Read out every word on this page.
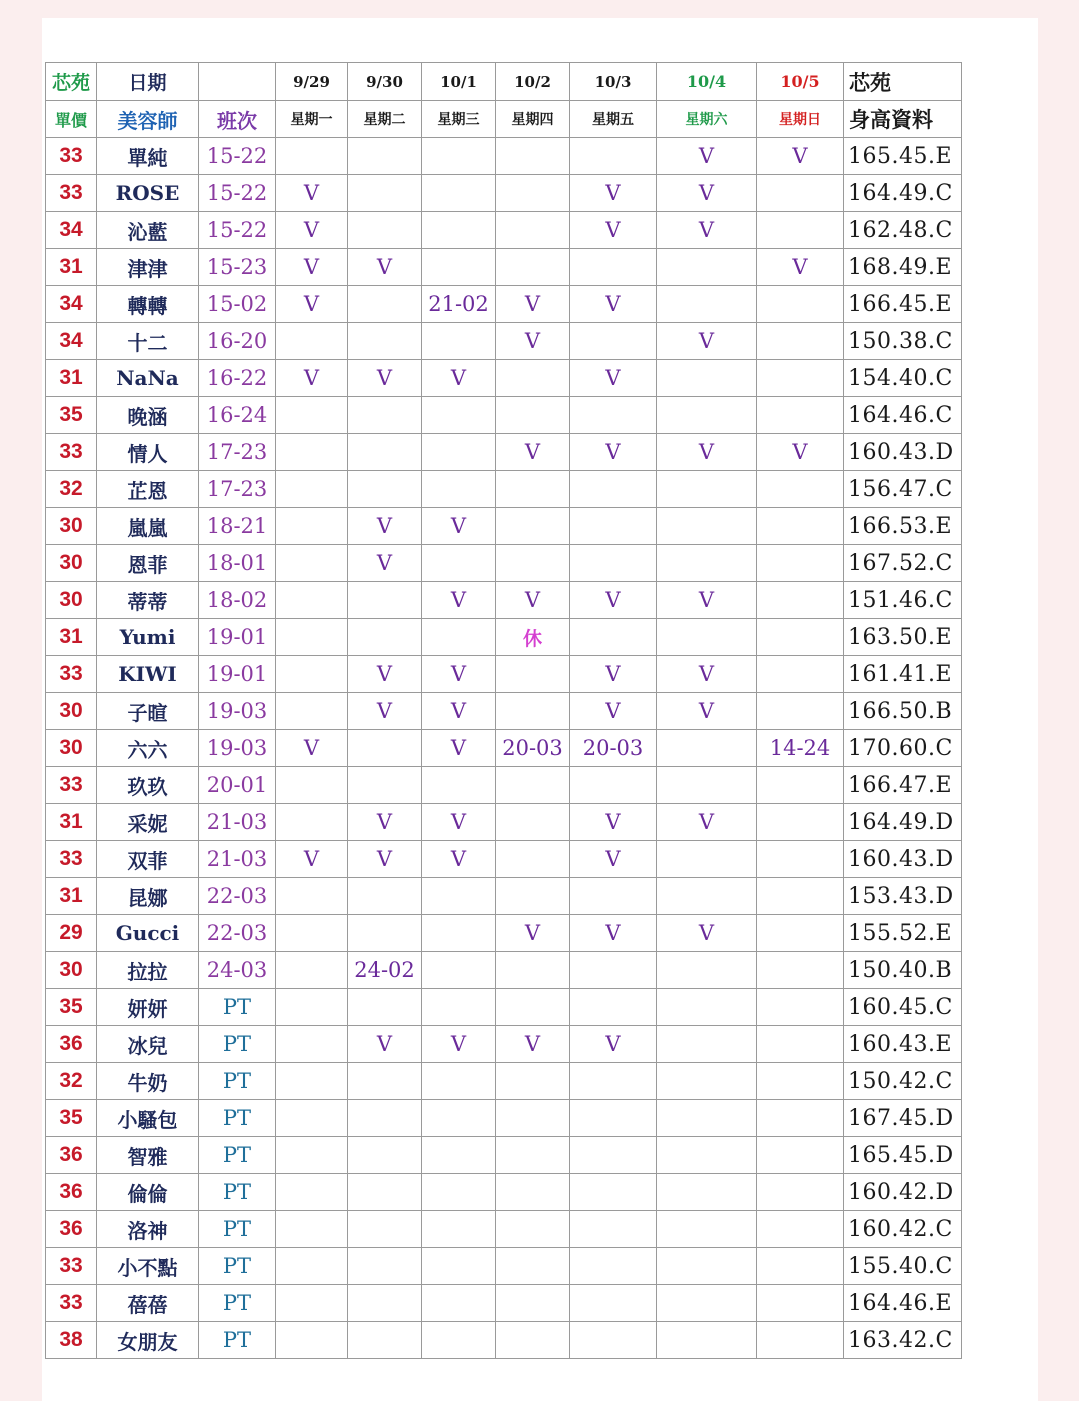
芯苑	日期		9/29	9/30	10/1	10/2	10/3	10/4	10/5	芯苑
單價	美容師	班次	星期一	星期二	星期三	星期四	星期五	星期六	星期日	身高資料
33	單純	15-22						V	V	165.45.E
33	ROSE	15-22	V				V	V		164.49.C
34	沁藍	15-22	V				V	V		162.48.C
31	津津	15-23	V	V					V	168.49.E
34	轉轉	15-02	V		21-02	V	V			166.45.E
34	十二	16-20				V		V		150.38.C
31	NaNa	16-22	V	V	V		V			154.40.C
35	晚涵	16-24								164.46.C
33	情人	17-23				V	V	V	V	160.43.D
32	芷恩	17-23								156.47.C
30	嵐嵐	18-21		V	V					166.53.E
30	恩菲	18-01		V						167.52.C
30	蒂蒂	18-02			V	V	V	V		151.46.C
31	Yumi	19-01				休				163.50.E
33	KIWI	19-01		V	V		V	V		161.41.E
30	子暄	19-03		V	V		V	V		166.50.B
30	六六	19-03	V		V	20-03	20-03		14-24	170.60.C
33	玖玖	20-01								166.47.E
31	采妮	21-03		V	V		V	V		164.49.D
33	双菲	21-03	V	V	V		V			160.43.D
31	昆娜	22-03								153.43.D
29	Gucci	22-03				V	V	V		155.52.E
30	拉拉	24-03		24-02						150.40.B
35	妍妍	PT								160.45.C
36	冰兒	PT		V	V	V	V			160.43.E
32	牛奶	PT								150.42.C
35	小騷包	PT								167.45.D
36	智雅	PT								165.45.D
36	倫倫	PT								160.42.D
36	洛神	PT								160.42.C
33	小不點	PT								155.40.C
33	蓓蓓	PT								164.46.E
38	女朋友	PT								163.42.C
